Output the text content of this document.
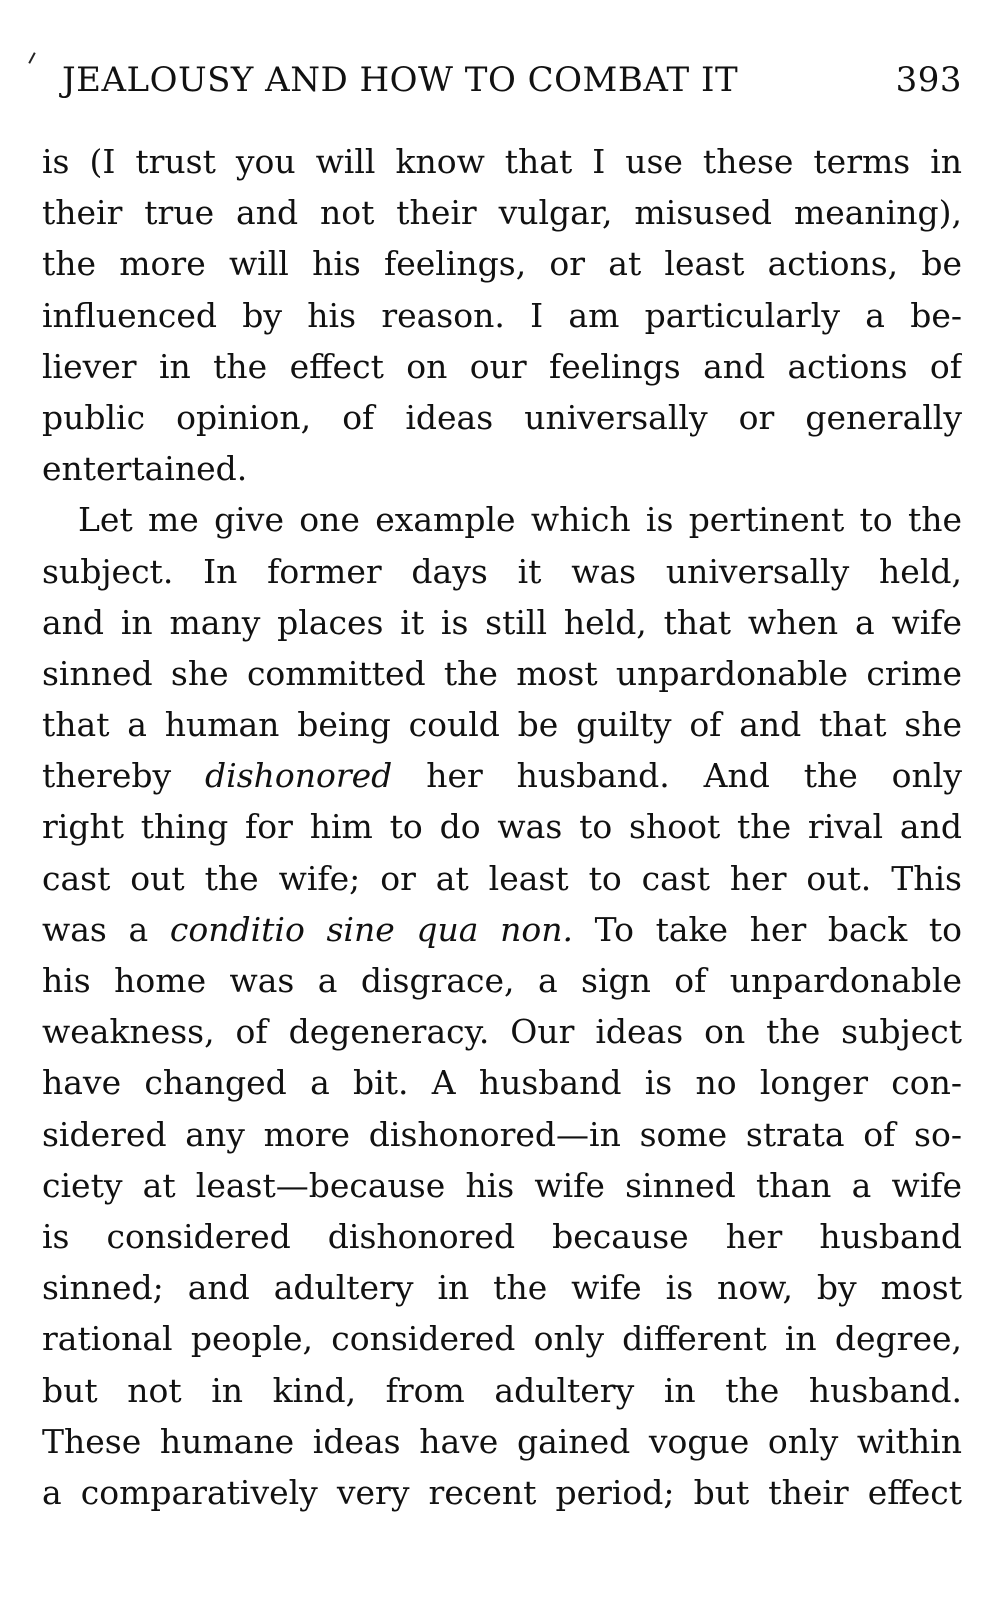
JEALOUSY AND HOW TO COMBAT IT	393
is (I trust you will know that I use these terms in
their true and not their vulgar, misused meaning),
the more will his feelings, or at least actions, be
influenced by his reason. I am particularly a be-
liever in the effect on our feelings and actions of
public opinion, of ideas universally or generally
entertained.
Let me give one example which is pertinent to the
subject. In former days it was universally held,
and in many places it is still held, that when a wife
sinned she committed the most unpardonable crime
that a human being could be guilty of and that she
thereby dishonored her husband. And the only
right thing for him to do was to shoot the rival and
cast out the wife; or at least to cast her out. This
was a conditio sine qua non. To take her back to
his home was a disgrace, a sign of unpardonable
weakness, of degeneracy. Our ideas on the subject
have changed a bit. A husband is no longer con-
sidered any more dishonored—in some strata of so-
ciety at least—because his wife sinned than a wife
is considered dishonored because her husband
sinned; and adultery in the wife is now, by most
rational people, considered only different in degree,
but not in kind, from adultery in the husband.
These humane ideas have gained vogue only within
a comparatively very recent period; but their effect
